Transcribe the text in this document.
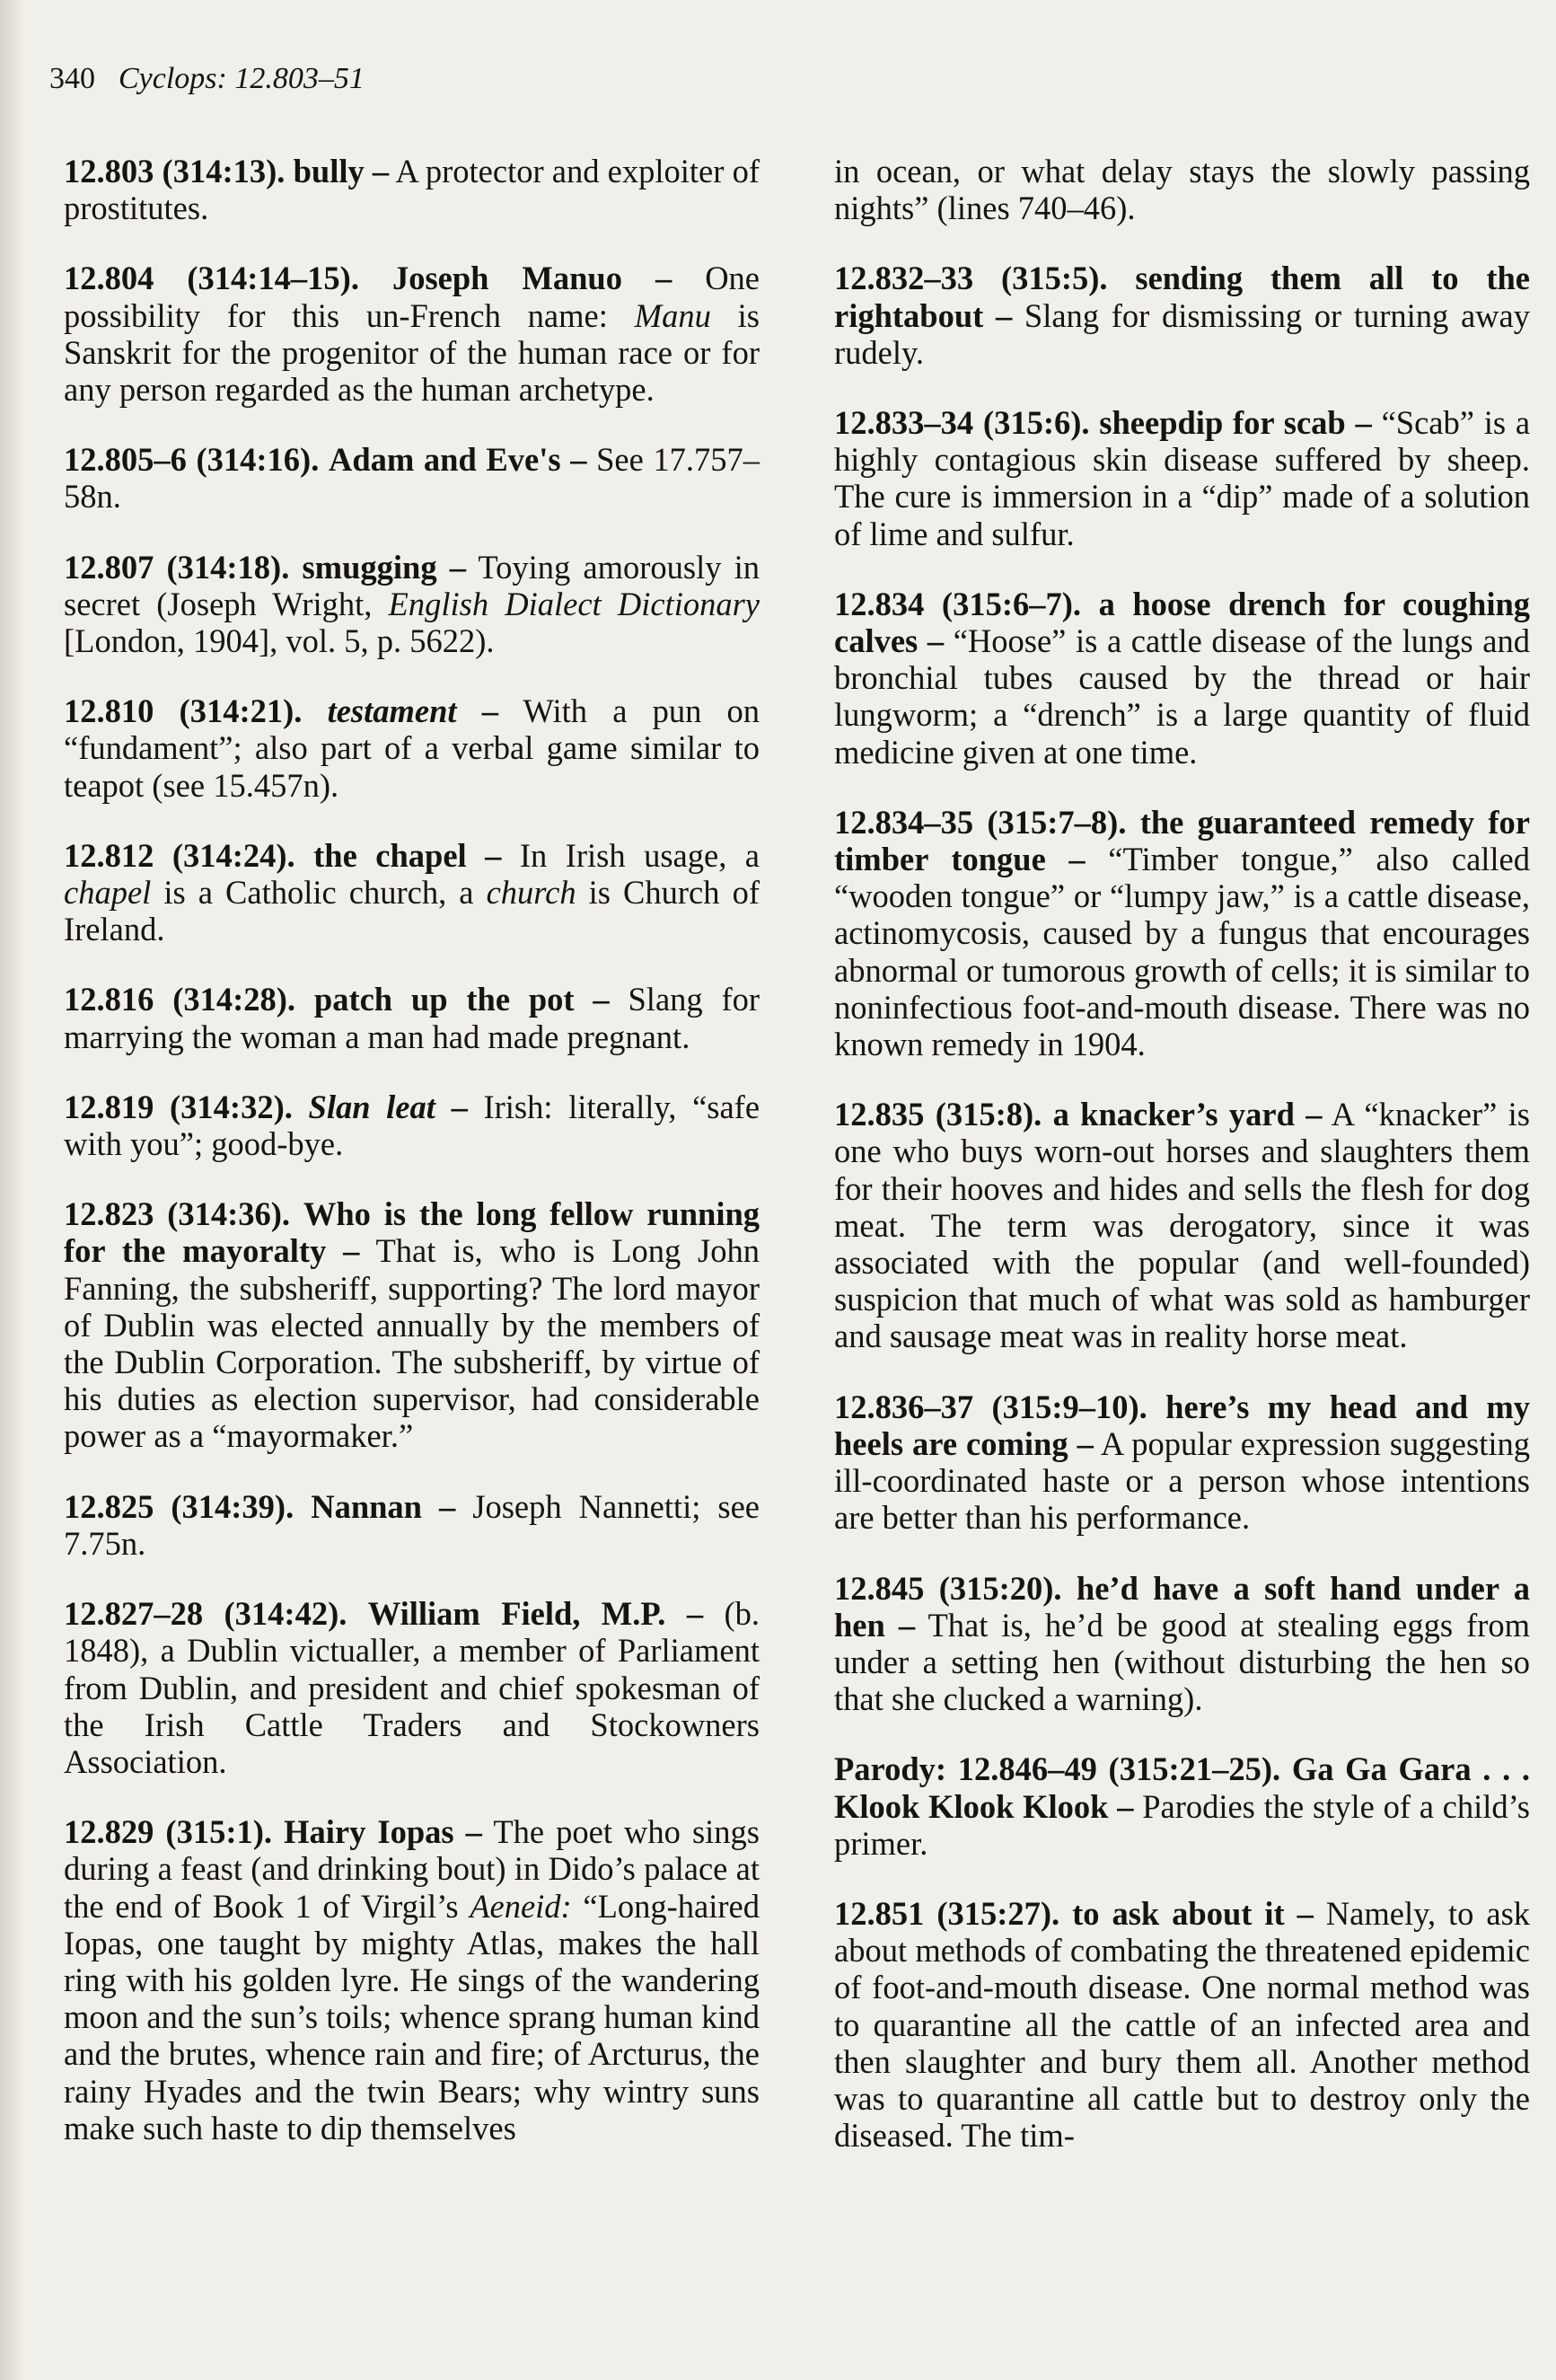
340 Cyclops: 12.803–51

12.803 (314:13). bully – A protector and exploiter of prostitutes.

12.804 (314:14–15). Joseph Manuo – One possibility for this un-French name: Manu is Sanskrit for the progenitor of the human race or for any person regarded as the human archetype.

12.805–6 (314:16). Adam and Eve's – See 17.757–58n.

12.807 (314:18). smugging – Toying amorously in secret (Joseph Wright, English Dialect Dictionary [London, 1904], vol. 5, p. 5622).

12.810 (314:21). testament – With a pun on “fundament”; also part of a verbal game similar to teapot (see 15.457n).

12.812 (314:24). the chapel – In Irish usage, a chapel is a Catholic church, a church is Church of Ireland.

12.816 (314:28). patch up the pot – Slang for marrying the woman a man had made pregnant.

12.819 (314:32). Slan leat – Irish: literally, “safe with you”; good-bye.

12.823 (314:36). Who is the long fellow running for the mayoralty – That is, who is Long John Fanning, the subsheriff, supporting? The lord mayor of Dublin was elected annually by the members of the Dublin Corporation. The subsheriff, by virtue of his duties as election supervisor, had considerable power as a “mayormaker.”

12.825 (314:39). Nannan – Joseph Nannetti; see 7.75n.

12.827–28 (314:42). William Field, M.P. – (b. 1848), a Dublin victualler, a member of Parliament from Dublin, and president and chief spokesman of the Irish Cattle Traders and Stockowners Association.

12.829 (315:1). Hairy Iopas – The poet who sings during a feast (and drinking bout) in Dido’s palace at the end of Book 1 of Virgil’s Aeneid: “Long-haired Iopas, one taught by mighty Atlas, makes the hall ring with his golden lyre. He sings of the wandering moon and the sun’s toils; whence sprang human kind and the brutes, whence rain and fire; of Arcturus, the rainy Hyades and the twin Bears; why wintry suns make such haste to dip themselves

in ocean, or what delay stays the slowly passing nights” (lines 740–46).

12.832–33 (315:5). sending them all to the rightabout – Slang for dismissing or turning away rudely.

12.833–34 (315:6). sheepdip for scab – “Scab” is a highly contagious skin disease suffered by sheep. The cure is immersion in a “dip” made of a solution of lime and sulfur.

12.834 (315:6–7). a hoose drench for coughing calves – “Hoose” is a cattle disease of the lungs and bronchial tubes caused by the thread or hair lungworm; a “drench” is a large quantity of fluid medicine given at one time.

12.834–35 (315:7–8). the guaranteed remedy for timber tongue – “Timber tongue,” also called “wooden tongue” or “lumpy jaw,” is a cattle disease, actinomycosis, caused by a fungus that encourages abnormal or tumorous growth of cells; it is similar to noninfectious foot-and-mouth disease. There was no known remedy in 1904.

12.835 (315:8). a knacker’s yard – A “knacker” is one who buys worn-out horses and slaughters them for their hooves and hides and sells the flesh for dog meat. The term was derogatory, since it was associated with the popular (and well-founded) suspicion that much of what was sold as hamburger and sausage meat was in reality horse meat.

12.836–37 (315:9–10). here’s my head and my heels are coming – A popular expression suggesting ill-coordinated haste or a person whose intentions are better than his performance.

12.845 (315:20). he’d have a soft hand under a hen – That is, he’d be good at stealing eggs from under a setting hen (without disturbing the hen so that she clucked a warning).

Parody: 12.846–49 (315:21–25). Ga Ga Gara . . . Klook Klook Klook – Parodies the style of a child’s primer.

12.851 (315:27). to ask about it – Namely, to ask about methods of combating the threatened epidemic of foot-and-mouth disease. One normal method was to quarantine all the cattle of an infected area and then slaughter and bury them all. Another method was to quarantine all cattle but to destroy only the diseased. The tim-
